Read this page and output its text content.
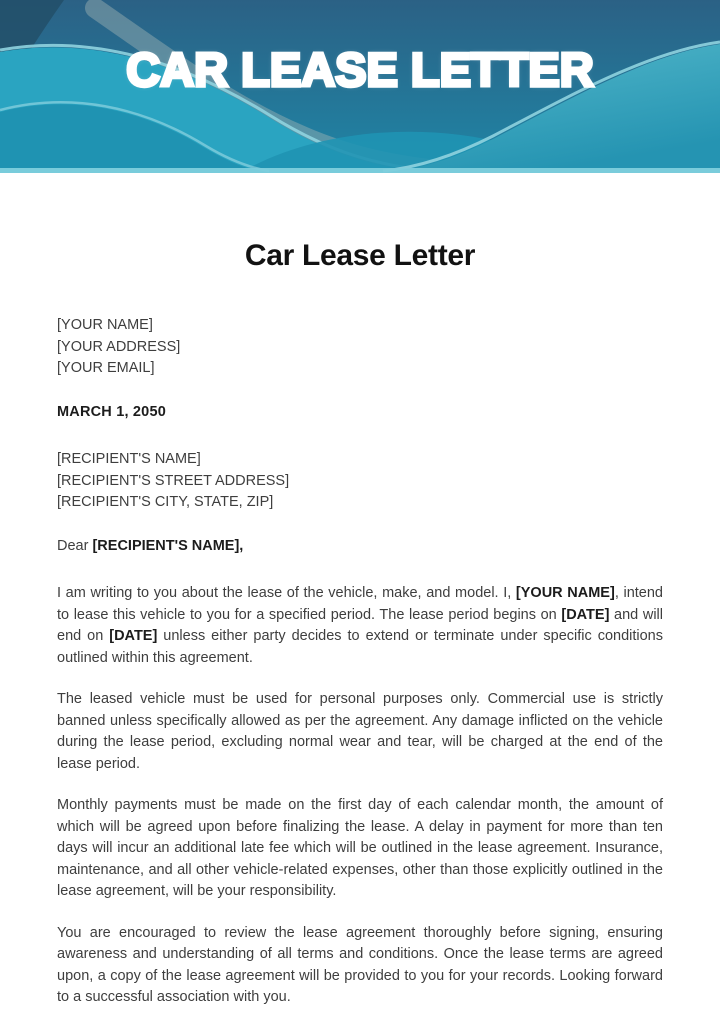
CAR LEASE LETTER
Car Lease Letter
[YOUR NAME]
[YOUR ADDRESS]
[YOUR EMAIL]

MARCH 1, 2050

[RECIPIENT'S NAME]
[RECIPIENT'S STREET ADDRESS]
[RECIPIENT'S CITY, STATE, ZIP]

Dear [RECIPIENT'S NAME],

I am writing to you about the lease of the vehicle, make, and model. I, [YOUR NAME], intend to lease this vehicle to you for a specified period. The lease period begins on [DATE] and will end on [DATE] unless either party decides to extend or terminate under specific conditions outlined within this agreement.

The leased vehicle must be used for personal purposes only. Commercial use is strictly banned unless specifically allowed as per the agreement. Any damage inflicted on the vehicle during the lease period, excluding normal wear and tear, will be charged at the end of the lease period.

Monthly payments must be made on the first day of each calendar month, the amount of which will be agreed upon before finalizing the lease. A delay in payment for more than ten days will incur an additional late fee which will be outlined in the lease agreement. Insurance, maintenance, and all other vehicle-related expenses, other than those explicitly outlined in the lease agreement, will be your responsibility.

You are encouraged to review the lease agreement thoroughly before signing, ensuring awareness and understanding of all terms and conditions. Once the lease terms are agreed upon, a copy of the lease agreement will be provided to you for your records. Looking forward to a successful association with you.
